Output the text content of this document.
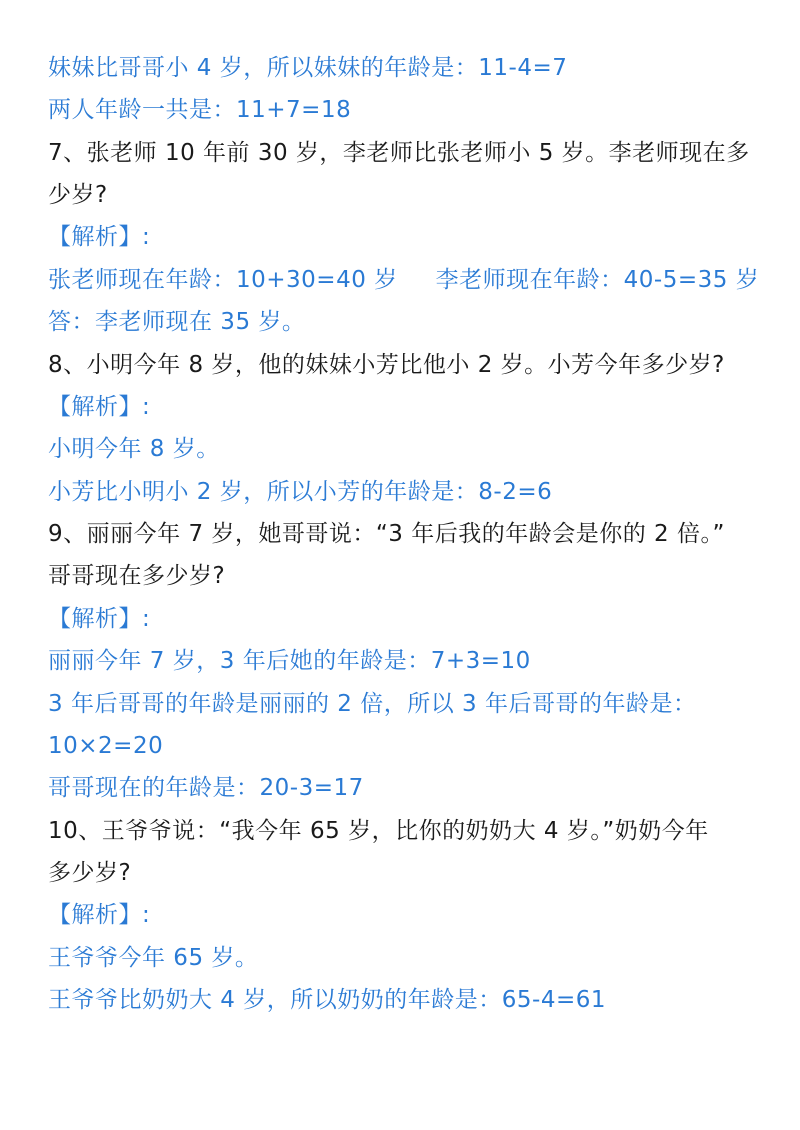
妹妹比哥哥小 4 岁，所以妹妹的年龄是：11-4=7
两人年龄一共是：11+7=18
7、张老师 10 年前 30 岁，李老师比张老师小 5 岁。李老师现在多
少岁?
【解析】:
张老师现在年龄：10+30=40 岁 李老师现在年龄：40-5=35 岁
答：李老师现在 35 岁。
8、小明今年 8 岁，他的妹妹小芳比他小 2 岁。小芳今年多少岁?
【解析】:
小明今年 8 岁。
小芳比小明小 2 岁，所以小芳的年龄是：8-2=6
9、丽丽今年 7 岁，她哥哥说：“3 年后我的年龄会是你的 2 倍。”
哥哥现在多少岁?
【解析】:
丽丽今年 7 岁，3 年后她的年龄是：7+3=10
3 年后哥哥的年龄是丽丽的 2 倍，所以 3 年后哥哥的年龄是：
10×2=20
哥哥现在的年龄是：20-3=17
10、王爷爷说：“我今年 65 岁，比你的奶奶大 4 岁。”奶奶今年
多少岁?
【解析】:
王爷爷今年 65 岁。
王爷爷比奶奶大 4 岁，所以奶奶的年龄是：65-4=61
